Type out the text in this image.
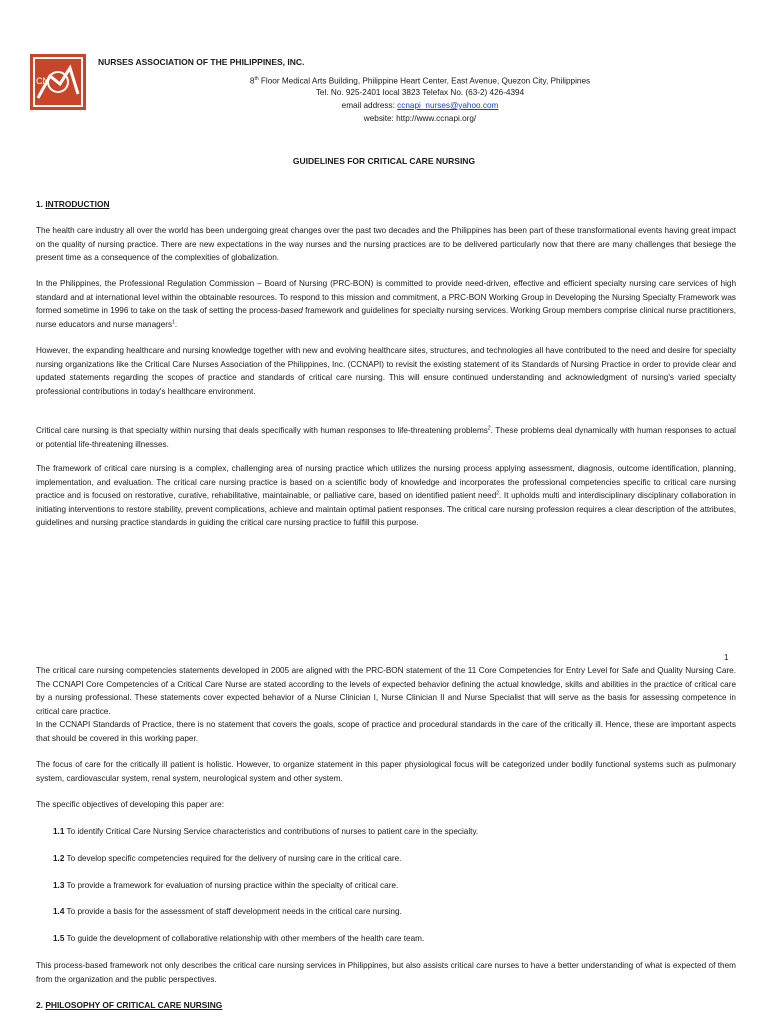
CN
NURSES ASSOCIATION OF THE PHILIPPINES, INC.
8th Floor Medical Arts Building, Philippine Heart Center, East Avenue, Quezon City, Philippines
Tel. No. 925-2401 local 3823 Telefax No. (63-2) 426-4394
email address: ccnapi_nurses@yahoo.com
website: http://www.ccnapi.org/
GUIDELINES FOR CRITICAL CARE NURSING
1. INTRODUCTION
The health care industry all over the world has been undergoing great changes over the past two decades and the Philippines has been part of these transformational events having great impact on the quality of nursing practice. There are new expectations in the way nurses and the nursing practices are to be delivered particularly now that there are many challenges that besiege the present time as a consequence of the complexities of globalization.
In the Philippines, the Professional Regulation Commission – Board of Nursing (PRC-BON) is committed to provide need-driven, effective and efficient specialty nursing care services of high standard and at international level within the obtainable resources. To respond to this mission and commitment, a PRC-BON Working Group in Developing the Nursing Specialty Framework was formed sometime in 1996 to take on the task of setting the process-based framework and guidelines for specialty nursing services. Working Group members comprise clinical nurse practitioners, nurse educators and nurse managers$^1$.
However, the expanding healthcare and nursing knowledge together with new and evolving healthcare sites, structures, and technologies all have contributed to the need and desire for specialty nursing organizations like the Critical Care Nurses Association of the Philippines, Inc. (CCNAPI) to revisit the existing statement of its Standards of Nursing Practice in order to provide clear and updated statements regarding the scopes of practice and standards of critical care nursing. This will ensure continued understanding and acknowledgment of nursing's varied specialty professional contributions in today's healthcare environment.
Critical care nursing is that specialty within nursing that deals specifically with human responses to life-threatening problems$^2$. These problems deal dynamically with human responses to actual or potential life-threatening illnesses.
The framework of critical care nursing is a complex, challenging area of nursing practice which utilizes the nursing process applying assessment, diagnosis, outcome identification, planning, implementation, and evaluation. The critical care nursing practice is based on a scientific body of knowledge and incorporates the professional competencies specific to critical care nursing practice and is focused on restorative, curative, rehabilitative, maintainable, or palliative care, based on identified patient need$^2$. It upholds multi and interdisciplinary disciplinary collaboration in initiating interventions to restore stability, prevent complications, achieve and maintain optimal patient responses. The critical care nursing profession requires a clear description of the attributes, guidelines and nursing practice standards in guiding the critical care nursing practice to fulfill this purpose.
1
The critical care nursing competencies statements developed in 2005 are aligned with the PRC-BON statement of the 11 Core Competencies for Entry Level for Safe and Quality Nursing Care. The CCNAPI Core Competencies of a Critical Care Nurse are stated according to the levels of expected behavior defining the actual knowledge, skills and abilities in the practice of critical care by a nursing professional. These statements cover expected behavior of a Nurse Clinician I, Nurse Clinician II and Nurse Specialist that will serve as the basis for assessing competence in critical care practice.
In the CCNAPI Standards of Practice, there is no statement that covers the goals, scope of practice and procedural standards in the care of the critically ill. Hence, these are important aspects that should be covered in this working paper.
The focus of care for the critically ill patient is holistic. However, to organize statement in this paper physiological focus will be categorized under bodily functional systems such as pulmonary system, cardiovascular system, renal system, neurological system and other system.
The specific objectives of developing this paper are:
1.1 To identify Critical Care Nursing Service characteristics and contributions of nurses to patient care in the specialty.
1.2 To develop specific competencies required for the delivery of nursing care in the critical care.
1.3 To provide a framework for evaluation of nursing practice within the specialty of critical care.
1.4 To provide a basis for the assessment of staff development needs in the critical care nursing.
1.5 To guide the development of collaborative relationship with other members of the health care team.
This process-based framework not only describes the critical care nursing services in Philippines, but also assists critical care nurses to have a better understanding of what is expected of them from the organization and the public perspectives.
2. PHILOSOPHY OF CRITICAL CARE NURSING
